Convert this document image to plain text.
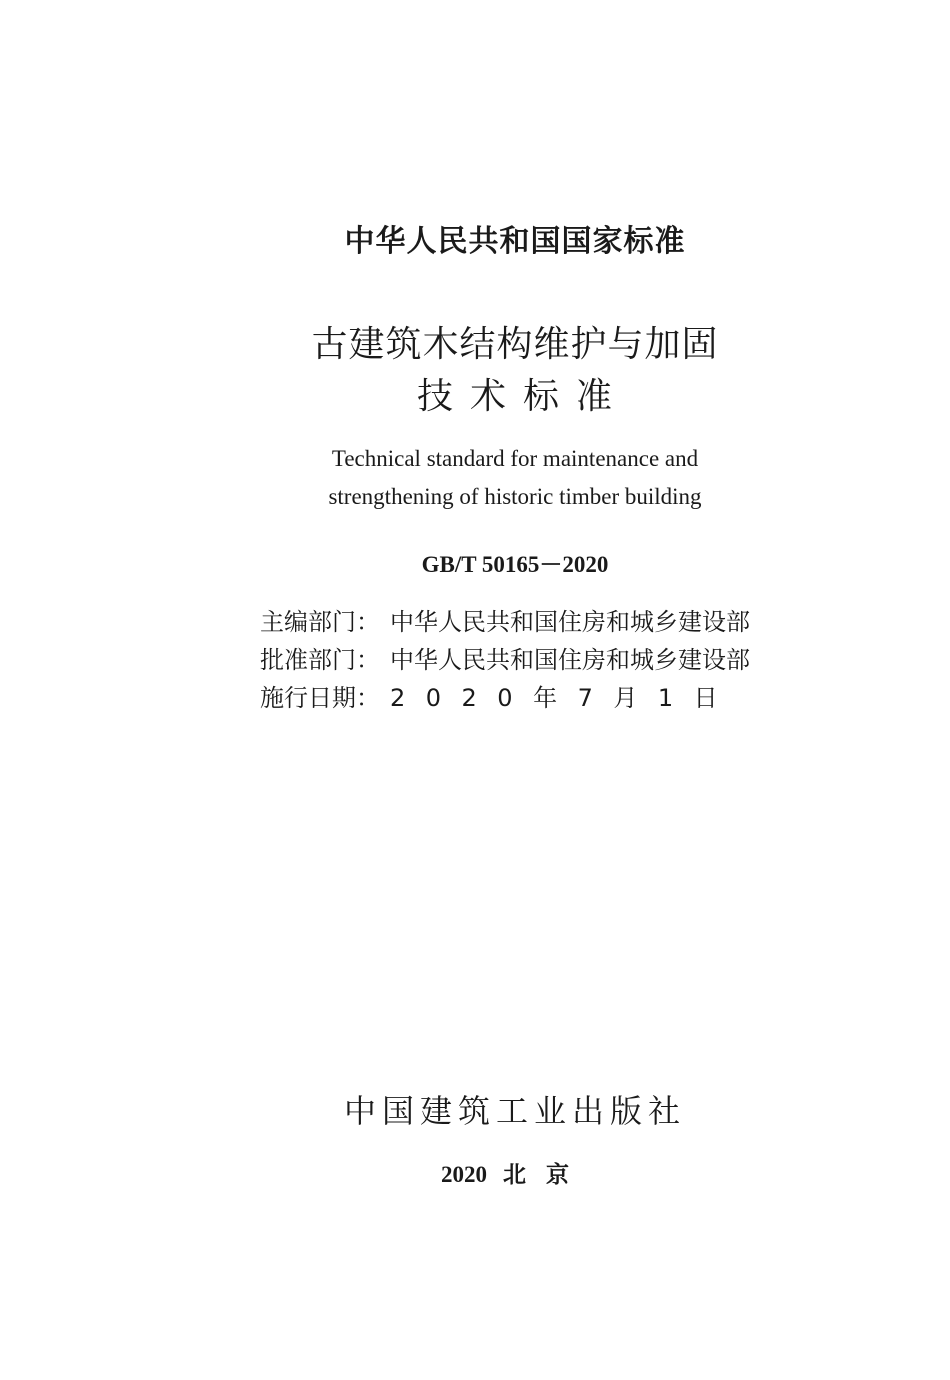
中华人民共和国国家标准
古建筑木结构维护与加固
技术标准
Technical standard for maintenance and
strengthening of historic timber building
GB/T 50165－2020
主编部门： 中华人民共和国住房和城乡建设部
批准部门： 中华人民共和国住房和城乡建设部
施行日期： 2020年7月1日
中国建筑工业出版社
2020 北京
